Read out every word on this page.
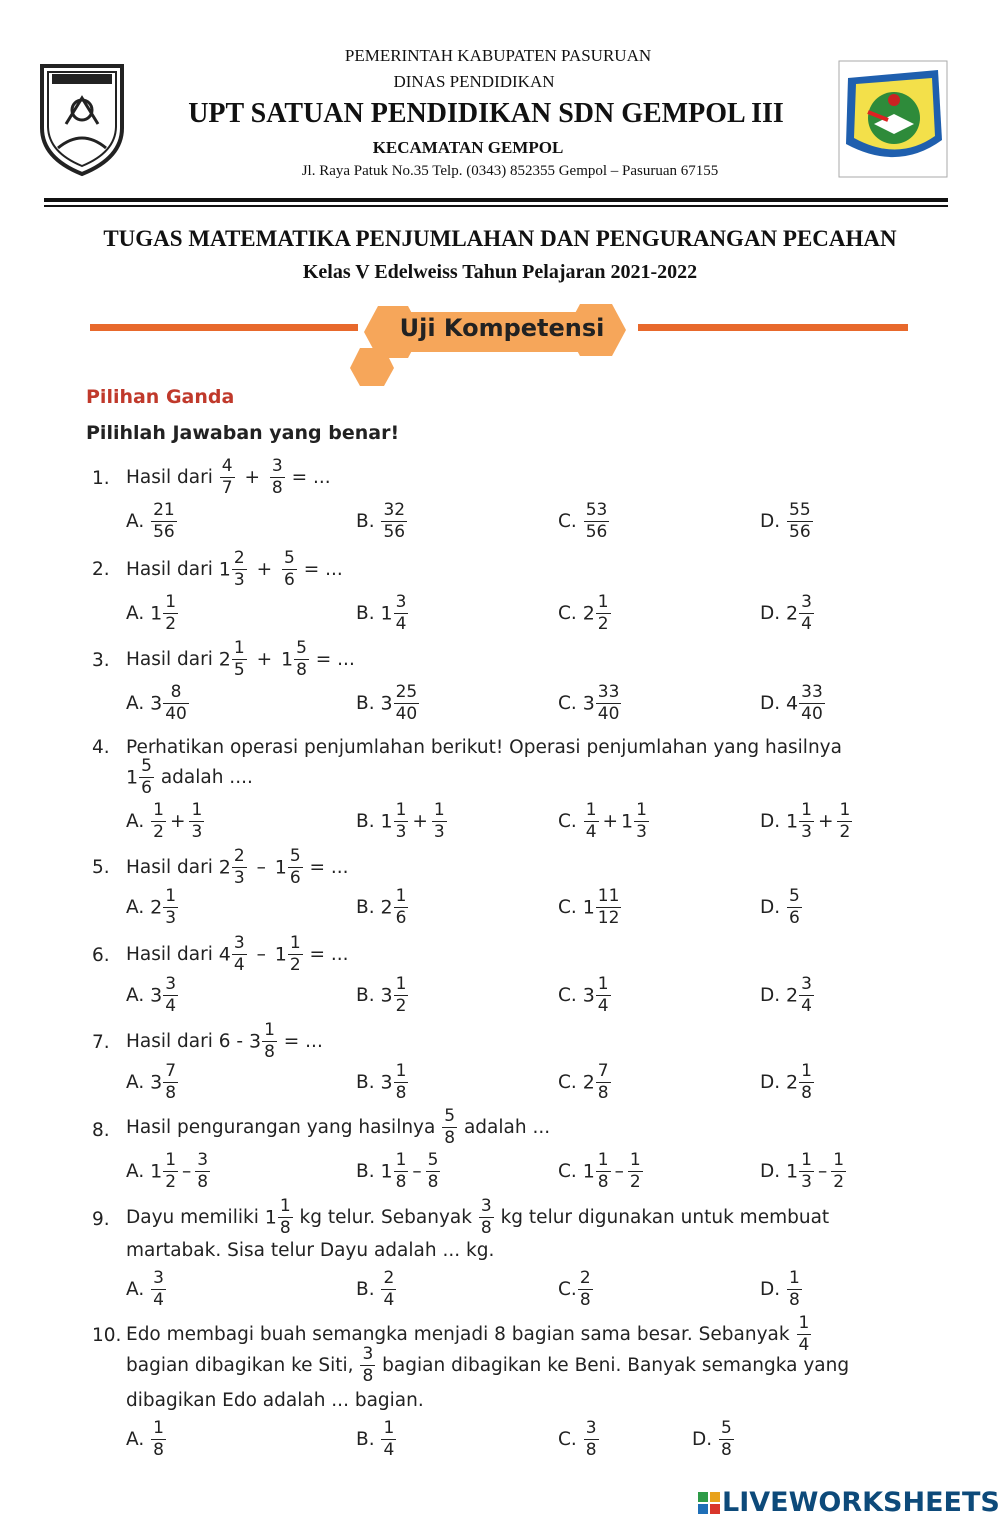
PEMERINTAH KABUPATEN PASURUAN
DINAS PENDIDIKAN
UPT SATUAN PENDIDIKAN SDN GEMPOL III
KECAMATAN GEMPOL
Jl. Raya Patuk No.35 Telp. (0343) 852355 Gempol – Pasuruan 67155
TUGAS MATEMATIKA PENJUMLAHAN DAN PENGURANGAN PECAHAN
Kelas V Edelweiss Tahun Pelajaran 2021-2022
Uji Kompetensi
Pilihan Ganda
Pilihlah Jawaban yang benar!
1. Hasil dari $\frac{4}{7} + \frac{3}{8}$ = ...
A. $\frac{21}{56}$	B. $\frac{32}{56}$	C. $\frac{53}{56}$	D. $\frac{55}{56}$
2. Hasil dari $1 \frac{2}{3} + \frac{5}{6}$ = ...
A. $1 \frac{1}{2}$	B. $1 \frac{3}{4}$	C. $2 \frac{1}{2}$	D. $2 \frac{3}{4}$
3. Hasil dari $2 \frac{1}{5} + 1 \frac{5}{8}$ = ...
A. $3 \frac{8}{40}$	B. $3 \frac{25}{40}$	C. $3 \frac{33}{40}$	D. $4 \frac{33}{40}$
4. Perhatikan operasi penjumlahan berikut! Operasi penjumlahan yang hasilnya
$1 \frac{5}{6}$ adalah ....
A. $\frac{1}{2} + \frac{1}{3}$	B. $1 \frac{1}{3} + \frac{1}{3}$	C. $\frac{1}{4} + 1 \frac{1}{3}$	D. $1 \frac{1}{3} + \frac{1}{2}$
5. Hasil dari $2 \frac{2}{3} - 1 \frac{5}{6}$ = ...
A. $2 \frac{1}{3}$	B. $2 \frac{1}{6}$	C. $1 \frac{11}{12}$	D. $\frac{5}{6}$
6. Hasil dari $4 \frac{3}{4} - 1 \frac{1}{2}$ = ...
A. $3 \frac{3}{4}$	B. $3 \frac{1}{2}$	C. $3 \frac{1}{4}$	D. $2 \frac{3}{4}$
7. Hasil dari $6 - 3 \frac{1}{8}$ = ...
A. $3 \frac{7}{8}$	B. $3 \frac{1}{8}$	C. $2 \frac{7}{8}$	D. $2 \frac{1}{8}$
8. Hasil pengurangan yang hasilnya $\frac{5}{8}$ adalah ...
A. $1 \frac{1}{2} - \frac{3}{8}$	B. $1 \frac{1}{8} - \frac{5}{8}$	C. $1 \frac{1}{8} - \frac{1}{2}$	D. $1 \frac{1}{3} - \frac{1}{2}$
9. Dayu memiliki $1 \frac{1}{8}$ kg telur. Sebanyak $\frac{3}{8}$ kg telur digunakan untuk membuat
martabak. Sisa telur Dayu adalah ... kg.
A. $\frac{3}{4}$	B. $\frac{2}{4}$	C. $\frac{2}{8}$	D. $\frac{1}{8}$
10. Edo membagi buah semangka menjadi 8 bagian sama besar. Sebanyak $\frac{1}{4}$
bagian dibagikan ke Siti, $\frac{3}{8}$ bagian dibagikan ke Beni. Banyak semangka yang
dibagikan Edo adalah ... bagian.
A. $\frac{1}{8}$	B. $\frac{1}{4}$	C. $\frac{3}{8}$	D. $\frac{5}{8}$
LIVEWORKSHEETS
